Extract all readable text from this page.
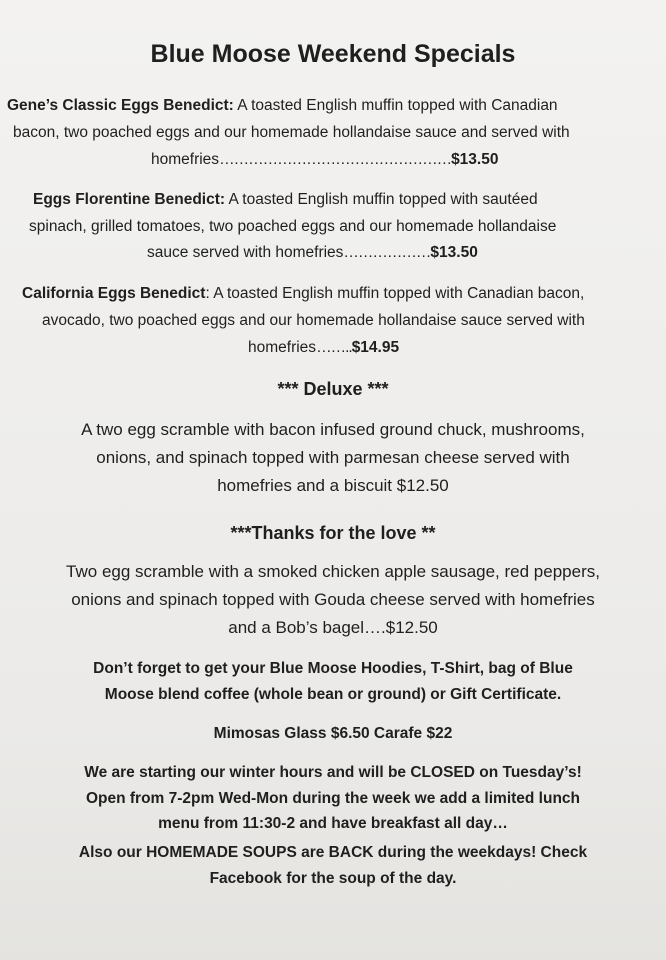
Blue Moose Weekend Specials
Gene’s Classic Eggs Benedict: A toasted English muffin topped with Canadian
bacon, two poached eggs and our homemade hollandaise sauce and served with
homefries…………………………………………$13.50
Eggs Florentine Benedict: A toasted English muffin topped with sautéed
spinach, grilled tomatoes, two poached eggs and our homemade hollandaise
sauce served with homefries………………$13.50
California Eggs Benedict: A toasted English muffin topped with Canadian bacon,
avocado, two poached eggs and our homemade hollandaise sauce served with
homefries……..$14.95
*** Deluxe ***
A two egg scramble with bacon infused ground chuck, mushrooms,
onions, and spinach topped with parmesan cheese served with
homefries and a biscuit $12.50
***Thanks for the love **
Two egg scramble with a smoked chicken apple sausage, red peppers,
onions and spinach topped with Gouda cheese served with homefries
and a Bob’s bagel….$12.50
Don’t forget to get your Blue Moose Hoodies, T-Shirt, bag of Blue
Moose blend coffee (whole bean or ground) or Gift Certificate.
Mimosas Glass $6.50 Carafe $22
We are starting our winter hours and will be CLOSED on Tuesday’s!
Open from 7-2pm Wed-Mon during the week we add a limited lunch
menu from 11:30-2 and have breakfast all day…
Also our HOMEMADE SOUPS are BACK during the weekdays! Check
Facebook for the soup of the day.
